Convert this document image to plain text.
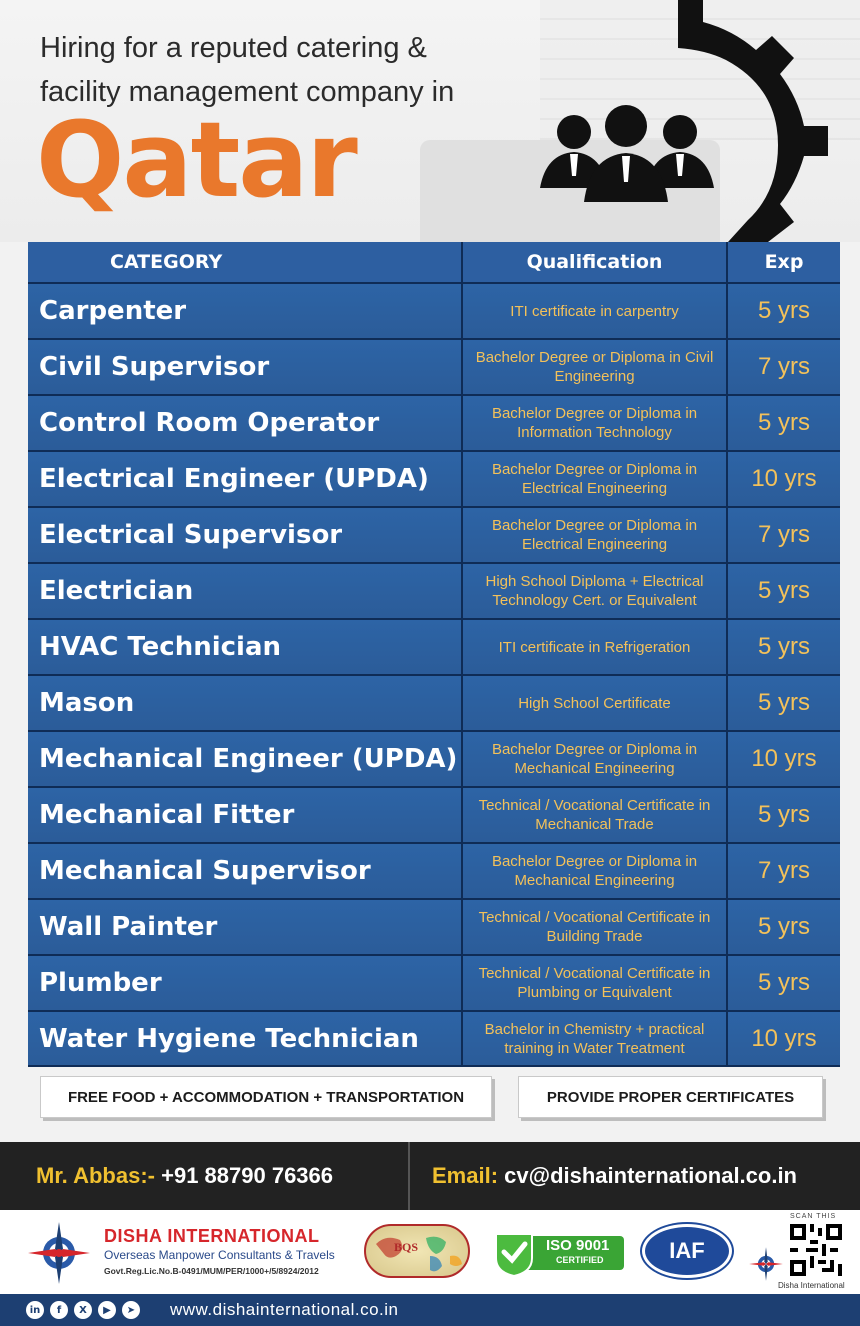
Hiring for a reputed catering &
facility management company in
Qatar
CATEGORY	Qualification	Exp
Carpenter	ITI certificate in carpentry	5 yrs
Civil Supervisor	Bachelor Degree or Diploma in Civil Engineering	7 yrs
Control Room Operator	Bachelor Degree or Diploma in Information Technology	5 yrs
Electrical Engineer (UPDA)	Bachelor Degree or Diploma in Electrical Engineering	10 yrs
Electrical Supervisor	Bachelor Degree or Diploma in Electrical Engineering	7 yrs
Electrician	High School Diploma + Electrical Technology Cert. or Equivalent	5 yrs
HVAC Technician	ITI certificate in Refrigeration	5 yrs
Mason	High School Certificate	5 yrs
Mechanical Engineer (UPDA)	Bachelor Degree or Diploma in Mechanical Engineering	10 yrs
Mechanical Fitter	Technical / Vocational Certificate in Mechanical Trade	5 yrs
Mechanical Supervisor	Bachelor Degree or Diploma in Mechanical Engineering	7 yrs
Wall Painter	Technical / Vocational Certificate in Building Trade	5 yrs
Plumber	Technical / Vocational Certificate in Plumbing or Equivalent	5 yrs
Water Hygiene Technician	Bachelor in Chemistry + practical training in Water Treatment	10 yrs
FREE FOOD + ACCOMMODATION + TRANSPORTATION	PROVIDE PROPER CERTIFICATES
Mr. Abbas:-
+91 88790 76366	Email:
cv@dishainternational.co.in
DISHA INTERNATIONAL
Overseas Manpower Consultants & Travels
Govt.Reg.Lic.No.B-0491/MUM/PER/1000+/5/8924/2012
BQS	ISO 9001
CERTIFIED	IAF
Disha International
SCAN THIS
in	f	X	▶	➤ www.dishainternational.co.in
